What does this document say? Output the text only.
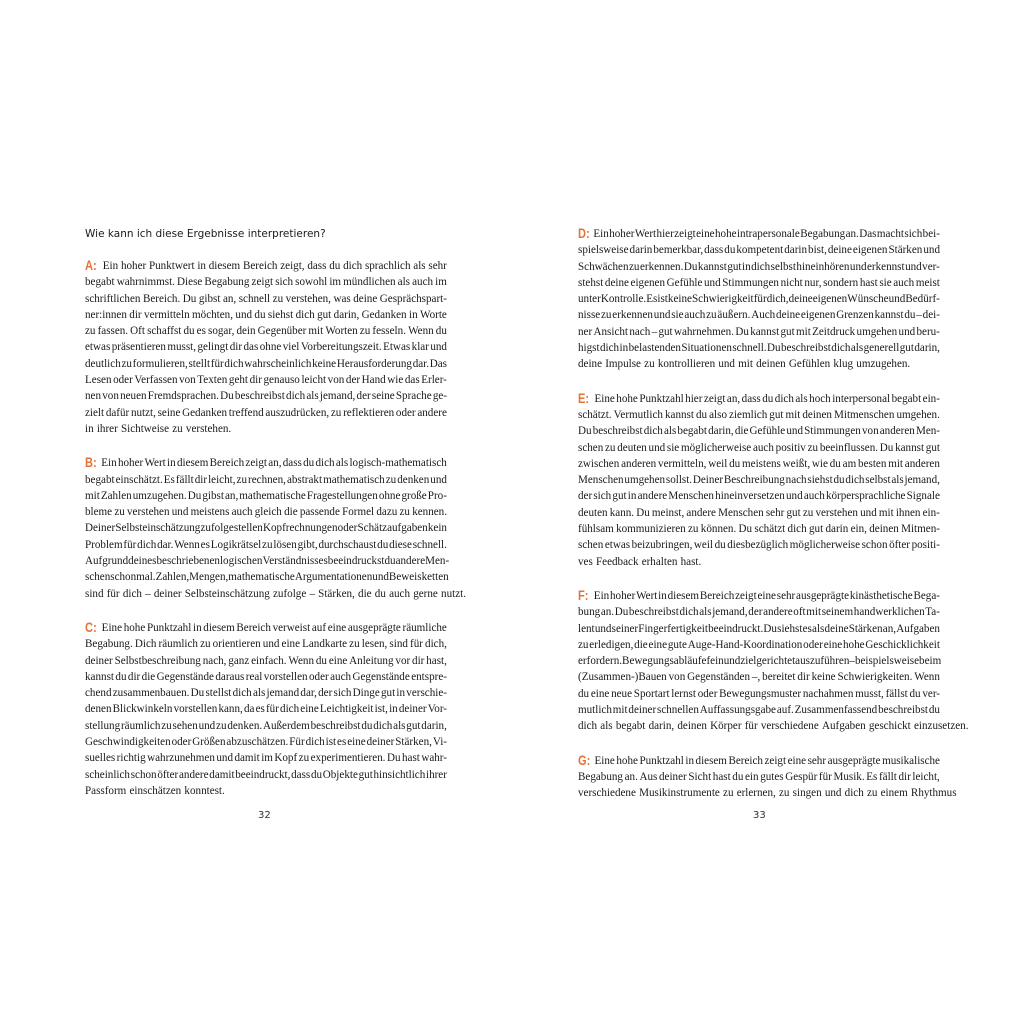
Wie kann ich diese Ergebnisse interpretieren?
A: Ein hoher Punktwert in diesem Bereich zeigt, dass du dich sprachlich als sehr
begabt wahrnimmst. Diese Begabung zeigt sich sowohl im mündlichen als auch im
schriftlichen Bereich. Du gibst an, schnell zu verstehen, was deine Gesprächspart-
ner:innen dir vermitteln möchten, und du siehst dich gut darin, Gedanken in Worte
zu fassen. Oft schaffst du es sogar, dein Gegenüber mit Worten zu fesseln. Wenn du
etwas präsentieren musst, gelingt dir das ohne viel Vorbereitungszeit. Etwas klar und
deutlich zu formulieren, stellt für dich wahrscheinlich keine Herausforderung dar. Das
Lesen oder Verfassen von Texten geht dir genauso leicht von der Hand wie das Erler-
nen von neuen Fremdsprachen. Du beschreibst dich als jemand, der seine Sprache ge-
zielt dafür nutzt, seine Gedanken treffend auszudrücken, zu reflektieren oder andere
in ihrer Sichtweise zu verstehen.
B: Ein hoher Wert in diesem Bereich zeigt an, dass du dich als logisch-mathematisch
begabt einschätzt. Es fällt dir leicht, zu rechnen, abstrakt mathematisch zu denken und
mit Zahlen umzugehen. Du gibst an, mathematische Fragestellungen ohne große Pro-
bleme zu verstehen und meistens auch gleich die passende Formel dazu zu kennen.
Deiner Selbsteinschätzung zufolge stellen Kopfrechnungen oder Schätzaufgaben kein
Problem für dich dar. Wenn es Logikrätsel zu lösen gibt, durchschaust du diese schnell.
Aufgrund deines beschriebenen logischen Verständnisses beeindruckst du andere Men-
schen schon mal. Zahlen, Mengen, mathematische Argumentationen und Beweisketten
sind für dich – deiner Selbsteinschätzung zufolge – Stärken, die du auch gerne nutzt.
C: Eine hohe Punktzahl in diesem Bereich verweist auf eine ausgeprägte räumliche
Begabung. Dich räumlich zu orientieren und eine Landkarte zu lesen, sind für dich,
deiner Selbstbeschreibung nach, ganz einfach. Wenn du eine Anleitung vor dir hast,
kannst du dir die Gegenstände daraus real vorstellen oder auch Gegenstände entspre-
chend zusammenbauen. Du stellst dich als jemand dar, der sich Dinge gut in verschie-
denen Blickwinkeln vorstellen kann, da es für dich eine Leichtigkeit ist, in deiner Vor-
stellung räumlich zu sehen und zu denken. Außerdem beschreibst du dich als gut darin,
Geschwindigkeiten oder Größen abzuschätzen. Für dich ist es eine deiner Stärken, Vi-
suelles richtig wahrzunehmen und damit im Kopf zu experimentieren. Du hast wahr-
scheinlich schon öfter andere damit beeindruckt, dass du Objekte gut hinsichtlich ihrer
Passform einschätzen konntest.
32
D: Ein hoher Wert hier zeigt eine hohe intrapersonale Begabung an. Das macht sich bei-
spielsweise darin bemerkbar, dass du kompetent darin bist, deine eigenen Stärken und
Schwächen zu erkennen. Du kannst gut in dich selbst hineinhören und erkennst und ver-
stehst deine eigenen Gefühle und Stimmungen nicht nur, sondern hast sie auch meist
unter Kontrolle. Es ist keine Schwierigkeit für dich, deine eigenen Wünsche und Bedürf-
nisse zu erkennen und sie auch zu äußern. Auch deine eigenen Grenzen kannst du – dei-
ner Ansicht nach – gut wahrnehmen. Du kannst gut mit Zeitdruck umgehen und beru-
higst dich in belastenden Situationen schnell. Du beschreibst dich als generell gut darin,
deine Impulse zu kontrollieren und mit deinen Gefühlen klug umzugehen.
E: Eine hohe Punktzahl hier zeigt an, dass du dich als hoch interpersonal begabt ein-
schätzt. Vermutlich kannst du also ziemlich gut mit deinen Mitmenschen umgehen.
Du beschreibst dich als begabt darin, die Gefühle und Stimmungen von anderen Men-
schen zu deuten und sie möglicherweise auch positiv zu beeinflussen. Du kannst gut
zwischen anderen vermitteln, weil du meistens weißt, wie du am besten mit anderen
Menschen umgehen sollst. Deiner Beschreibung nach siehst du dich selbst als jemand,
der sich gut in andere Menschen hineinversetzen und auch körpersprachliche Signale
deuten kann. Du meinst, andere Menschen sehr gut zu verstehen und mit ihnen ein-
fühlsam kommunizieren zu können. Du schätzt dich gut darin ein, deinen Mitmen-
schen etwas beizubringen, weil du diesbezüglich möglicherweise schon öfter positi-
ves Feedback erhalten hast.
F: Ein hoher Wert in diesem Bereich zeigt eine sehr ausgeprägte kinästhetische Bega-
bung an. Du beschreibst dich als jemand, der andere oft mit seinem handwerklichen Ta-
lent und seiner Fingerfertigkeit beeindruckt. Du siehst es als deine Stärken an, Aufgaben
zu erledigen, die eine gute Auge-Hand-Koordination oder eine hohe Geschicklichkeit
erfordern. Bewegungsabläufe fein und zielgerichtet auszuführen – beispielsweise beim
(Zusammen-)Bauen von Gegenständen –, bereitet dir keine Schwierigkeiten. Wenn
du eine neue Sportart lernst oder Bewegungsmuster nachahmen musst, fällst du ver-
mutlich mit deiner schnellen Auffassungsgabe auf. Zusammenfassend beschreibst du
dich als begabt darin, deinen Körper für verschiedene Aufgaben geschickt einzusetzen.
G: Eine hohe Punktzahl in diesem Bereich zeigt eine sehr ausgeprägte musikalische
Begabung an. Aus deiner Sicht hast du ein gutes Gespür für Musik. Es fällt dir leicht,
verschiedene Musikinstrumente zu erlernen, zu singen und dich zu einem Rhythmus
33
